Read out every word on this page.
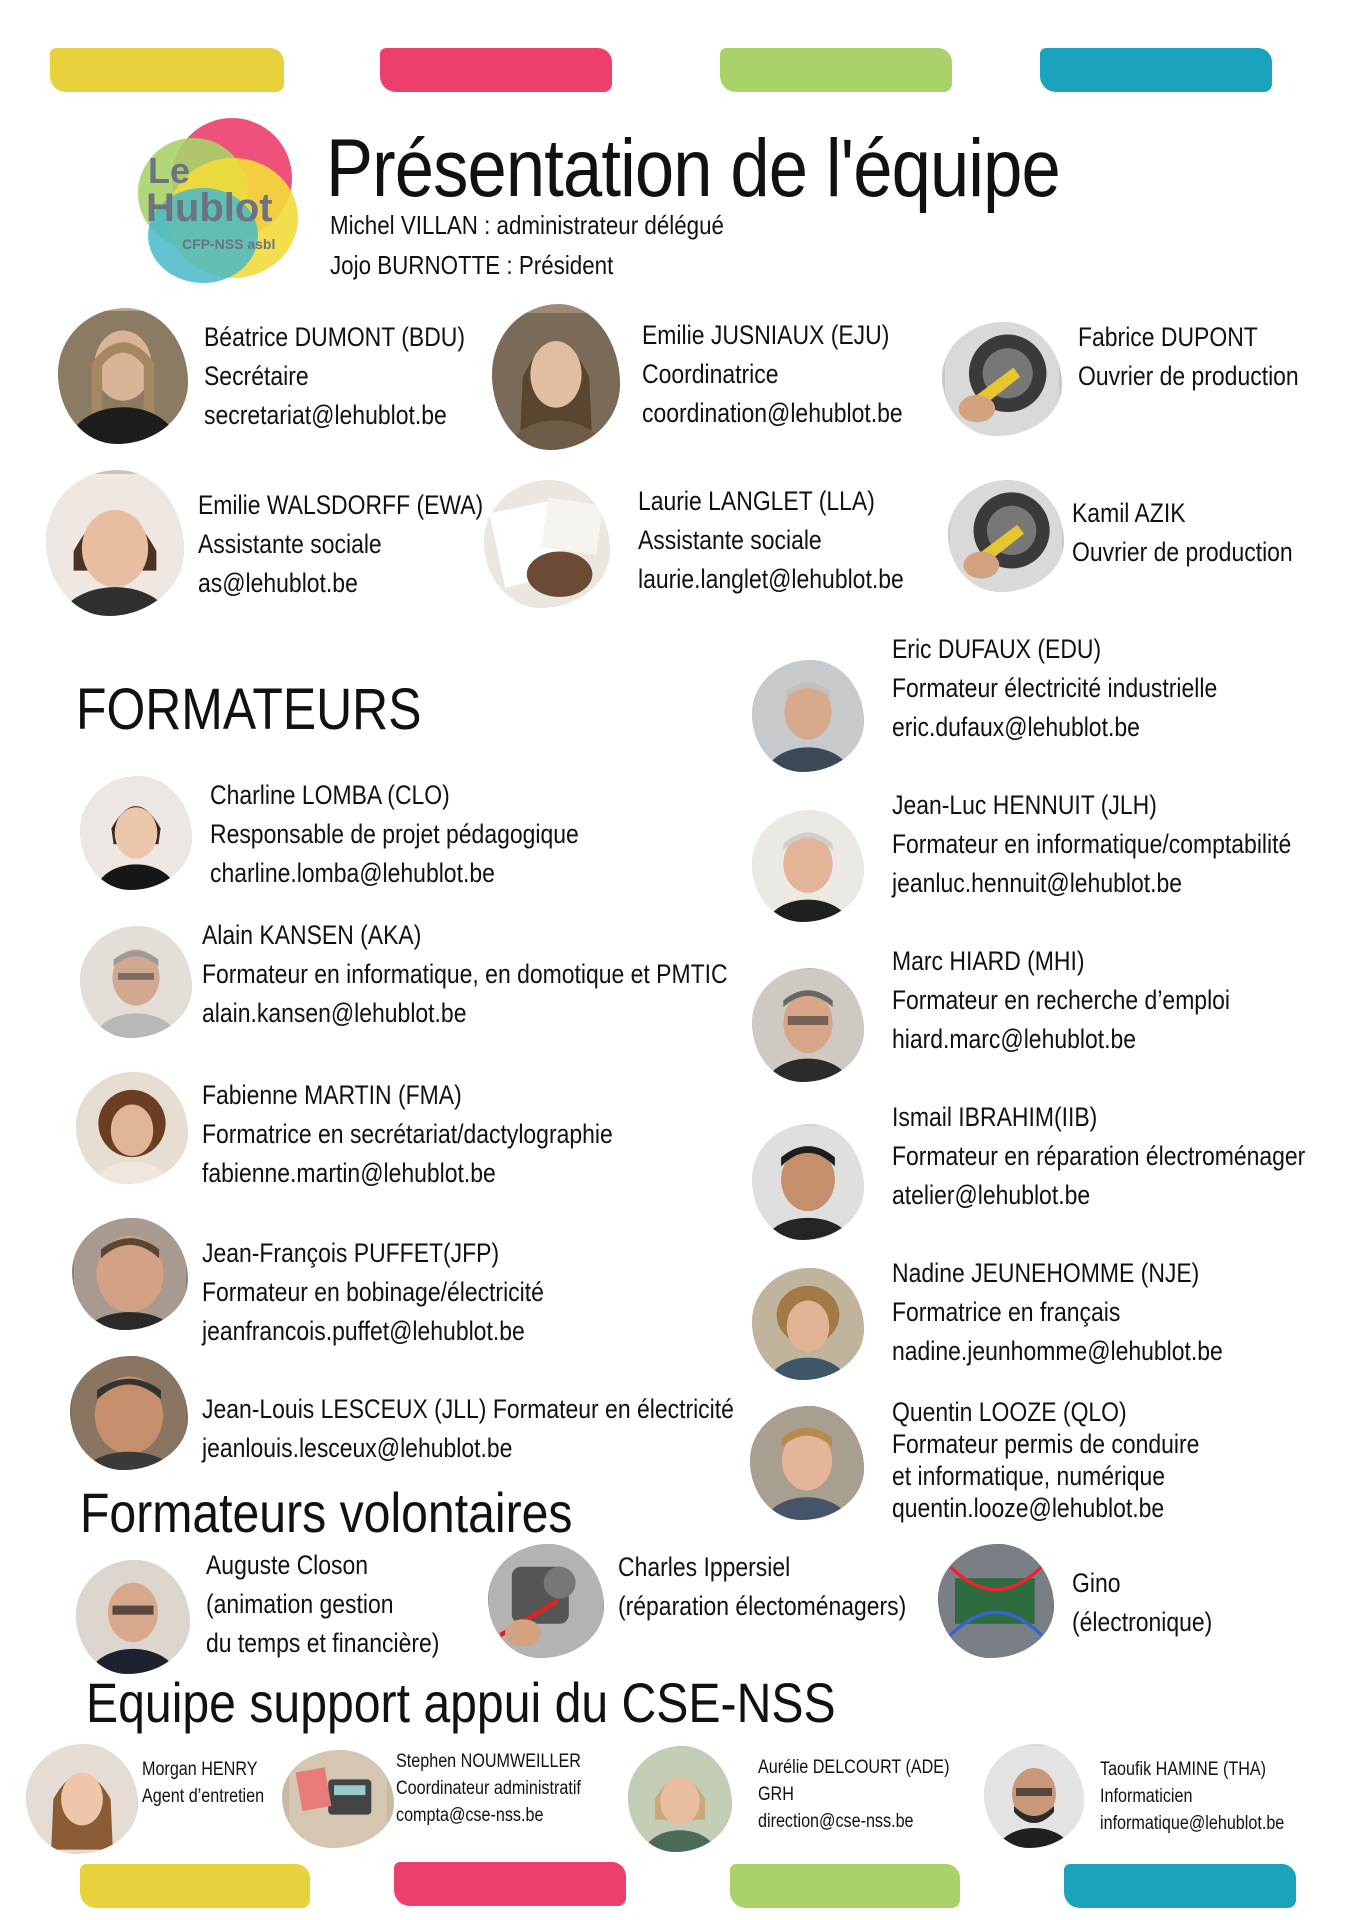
Le
Hublot
CFP-NSS asbl
Présentation de l'équipe
Michel VILLAN : administrateur délégué
Jojo BURNOTTE : Président
Béatrice DUMONT (BDU)
Secrétaire
secretariat@lehublot.be
Emilie JUSNIAUX (EJU)
Coordinatrice
coordination@lehublot.be
Fabrice DUPONT
Ouvrier de production
Emilie WALSDORFF (EWA)
Assistante sociale
as@lehublot.be
Laurie LANGLET (LLA)
Assistante sociale
laurie.langlet@lehublot.be
Kamil AZIK
Ouvrier de production
FORMATEURS
Charline LOMBA (CLO)
Responsable de projet pédagogique
charline.lomba@lehublot.be
Alain KANSEN (AKA)
Formateur en informatique, en domotique et PMTIC
alain.kansen@lehublot.be
Fabienne MARTIN (FMA)
Formatrice en secrétariat/dactylographie
fabienne.martin@lehublot.be
Jean-François PUFFET(JFP)
Formateur en bobinage/électricité
jeanfrancois.puffet@lehublot.be
Jean-Louis LESCEUX (JLL) Formateur en électricité
jeanlouis.lesceux@lehublot.be
Eric DUFAUX (EDU)
Formateur électricité industrielle
eric.dufaux@lehublot.be
Jean-Luc HENNUIT (JLH)
Formateur en informatique/comptabilité
jeanluc.hennuit@lehublot.be
Marc HIARD (MHI)
Formateur en recherche d’emploi
hiard.marc@lehublot.be
Ismail IBRAHIM(IIB)
Formateur en réparation électroménager
atelier@lehublot.be
Nadine JEUNEHOMME (NJE)
Formatrice en français
nadine.jeunhomme@lehublot.be
Quentin LOOZE (QLO)
Formateur permis de conduire
et informatique, numérique
quentin.looze@lehublot.be
Formateurs volontaires
Auguste Closon
(animation gestion
du temps et financière)
Charles Ippersiel
(réparation électoménagers)
Gino
(électronique)
Equipe support appui du CSE-NSS
Morgan HENRY
Agent d’entretien
Stephen NOUMWEILLER
Coordinateur administratif
compta@cse-nss.be
Aurélie DELCOURT (ADE)
GRH
direction@cse-nss.be
Taoufik HAMINE (THA)
Informaticien
informatique@lehublot.be
